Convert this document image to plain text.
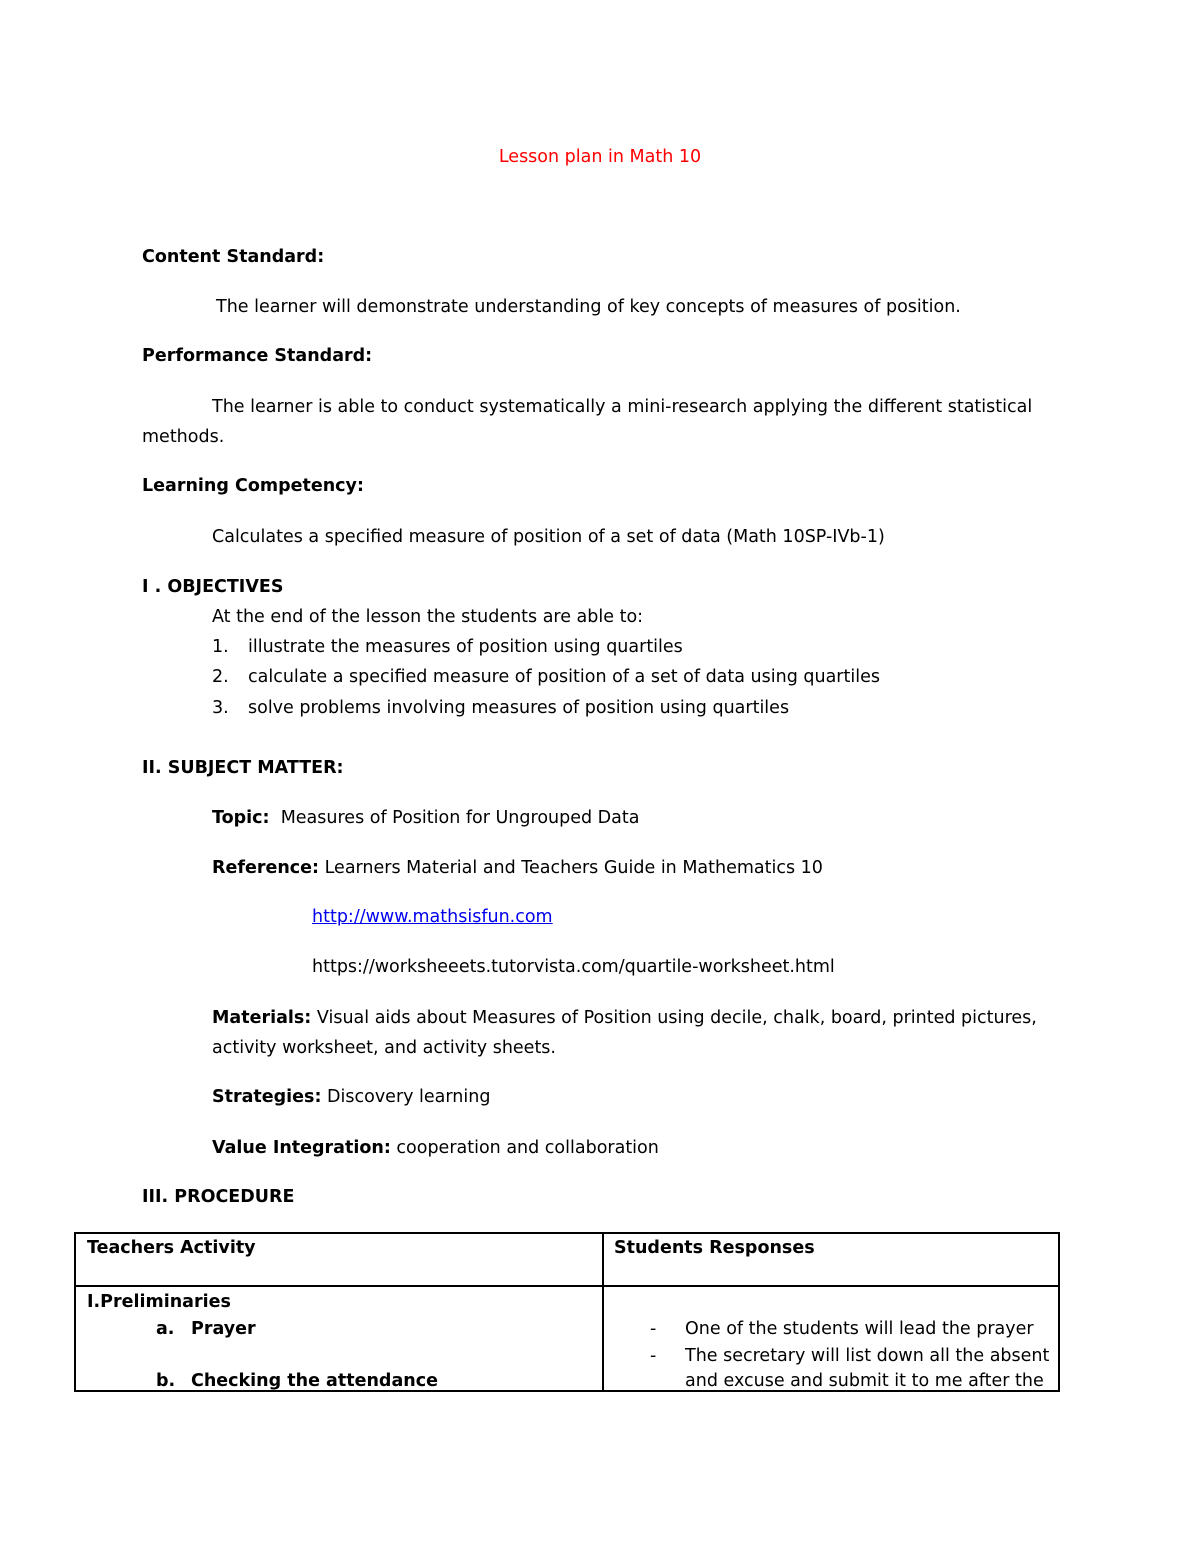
Lesson plan in Math 10
Content Standard:
The learner will demonstrate understanding of key concepts of measures of position.
Performance Standard:
The learner is able to conduct systematically a mini-research applying the different statistical
methods.
Learning Competency:
Calculates a specified measure of position of a set of data (Math 10SP-IVb-1)
I . OBJECTIVES
At the end of the lesson the students are able to:
1. illustrate the measures of position using quartiles
2. calculate a specified measure of position of a set of data using quartiles
3. solve problems involving measures of position using quartiles
II. SUBJECT MATTER:
Topic: Measures of Position for Ungrouped Data
Reference: Learners Material and Teachers Guide in Mathematics 10
http://www.mathsisfun.com
https://worksheeets.tutorvista.com/quartile-worksheet.html
Materials: Visual aids about Measures of Position using decile, chalk, board, printed pictures,
activity worksheet, and activity sheets.
Strategies: Discovery learning
Value Integration: cooperation and collaboration
III. PROCEDURE
Teachers Activity	Students Responses
I.Preliminaries
a. Prayer
b. Checking the attendance
- One of the students will lead the prayer
- The secretary will list down all the absent
and excuse and submit it to me after the
